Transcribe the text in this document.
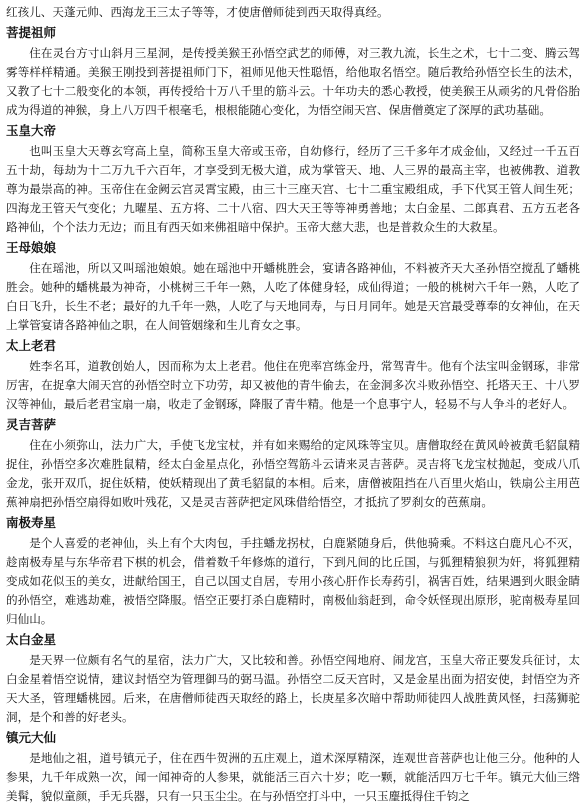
红孩儿、天蓬元帅、西海龙王三太子等等，才使唐僧师徒到西天取得真经。

菩提祖师

住在灵台方寸山斜月三星洞，是传授美猴王孙悟空武艺的师傅，对三教九流，长生之术，七十二变、腾云驾雾等样样精通。美猴王刚投到菩提祖师门下，祖师见他天性聪悟，给他取名悟空。随后教给孙悟空长生的法术，又教了七十二般变化的本领，再传授给十万八千里的筋斗云。十年功夫的悉心教授，使美猴王从顽劣的凡骨俗胎成为得道的神猴，身上八万四千根毫毛，根根能随心变化，为悟空闹天宫、保唐僧奠定了深厚的武功基础。

玉皇大帝

也叫玉皇大天尊玄穹高上皇，简称玉皇大帝或玉帝，自幼修行，经历了三千多年才成金仙，又经过一千五百五十劫，每劫为十二万九千六百年，才享受到无极大道，成为掌管天、地、人三界的最高主宰，也被佛教、道教尊为最崇高的神。玉帝住在金阙云宫灵霄宝殿，由三十三座天宫、七十二重宝殿组成，手下代冥王管人间生死；四海龙王管天气变化；九曜星、五方将、二十八宿、四大天王等等神勇善地；太白金星、二郎真君、五方五老各路神仙，个个法力无边；而且有西天如来佛祖暗中保护。玉帝大慈大悲，也是普救众生的大救星。

王母娘娘

住在瑶池，所以又叫瑶池娘娘。她在瑶池中开蟠桃胜会，宴请各路神仙，不料被齐天大圣孙悟空搅乱了蟠桃胜会。她种的蟠桃最为神奇，小桃树三千年一熟，人吃了体健身轻，成仙得道；一般的桃树六千年一熟，人吃了白日飞升，长生不老；最好的九千年一熟，人吃了与天地同寿，与日月同年。她是天宫最受尊奉的女神仙，在天上掌管宴请各路神仙之职，在人间管姻缘和生儿育女之事。

太上老君

姓李名耳，道教创始人，因而称为太上老君。他住在兜率宫练金丹，常驾青牛。他有个法宝叫金钢琢，非常厉害，在捉拿大闹天宫的孙悟空时立下功劳，却又被他的青牛偷去，在金洞多次斗败孙悟空、托塔天王、十八罗汉等神仙，最后老君宝扇一扇，收走了金钢琢，降服了青牛精。他是一个息事宁人，轻易不与人争斗的老好人。

灵吉菩萨

住在小须弥山，法力广大，手使飞龙宝杖，并有如来赐给的定风珠等宝贝。唐僧取经在黄风岭被黄毛貂鼠精捉住，孙悟空多次难胜鼠精，经太白金星点化，孙悟空驾筋斗云请来灵吉菩萨。灵吉将飞龙宝杖抛起，变成八爪金龙，张开双爪，捉住妖精，使妖精现出了黄毛貂鼠的本相。后来，唐僧被阻挡在八百里火焰山，铁扇公主用芭蕉神扇把孙悟空扇得如败叶残花，又是灵吉菩萨把定风珠借给悟空，才抵抗了罗刹女的芭蕉扇。

南极寿星

是个人喜爱的老神仙，头上有个大肉包，手拄蟠龙拐杖，白鹿紧随身后，供他骑乘。不料这白鹿凡心不灭，趁南极寿星与东华帝君下棋的机会，借着数千年修炼的道行，下到凡间的比丘国，与狐狸精狼狈为奸，将狐狸精变成如花似玉的美女，进献给国王，自己以国丈自居，专用小孩心肝作长寿药引，祸害百姓，结果遇到火眼金睛的孙悟空，难逃劫难，被悟空降服。悟空正要打杀白鹿精时，南极仙翁赶到，命令妖怪现出原形，驼南极寿星回归仙山。

太白金星

是天界一位颇有名气的星宿，法力广大，又比较和善。孙悟空闯地府、闹龙宫，玉皇大帝正要发兵征讨，太白金星着悟空说情，建议封悟空为管理御马的弼马温。孙悟空二反天宫时，又是金星出面为招安使，封悟空为齐天大圣，管理蟠桃园。后来，在唐僧师徒西天取经的路上，长庚星多次暗中帮助师徒四人战胜黄风怪，扫荡狮驼洞，是个和善的好老头。

镇元大仙

是地仙之祖，道号镇元子，住在西牛贺洲的五庄观上，道术深厚精深，连观世音菩萨也让他三分。他种的人参果，九千年成熟一次，闻一闻神奇的人参果，就能活三百六十岁；吃一颗，就能活四万七千年。镇元大仙三绺美髯，貌似童颜，手无兵器，只有一只玉尘尘。在与孙悟空打斗中，一只玉麈抵得住千钧之
